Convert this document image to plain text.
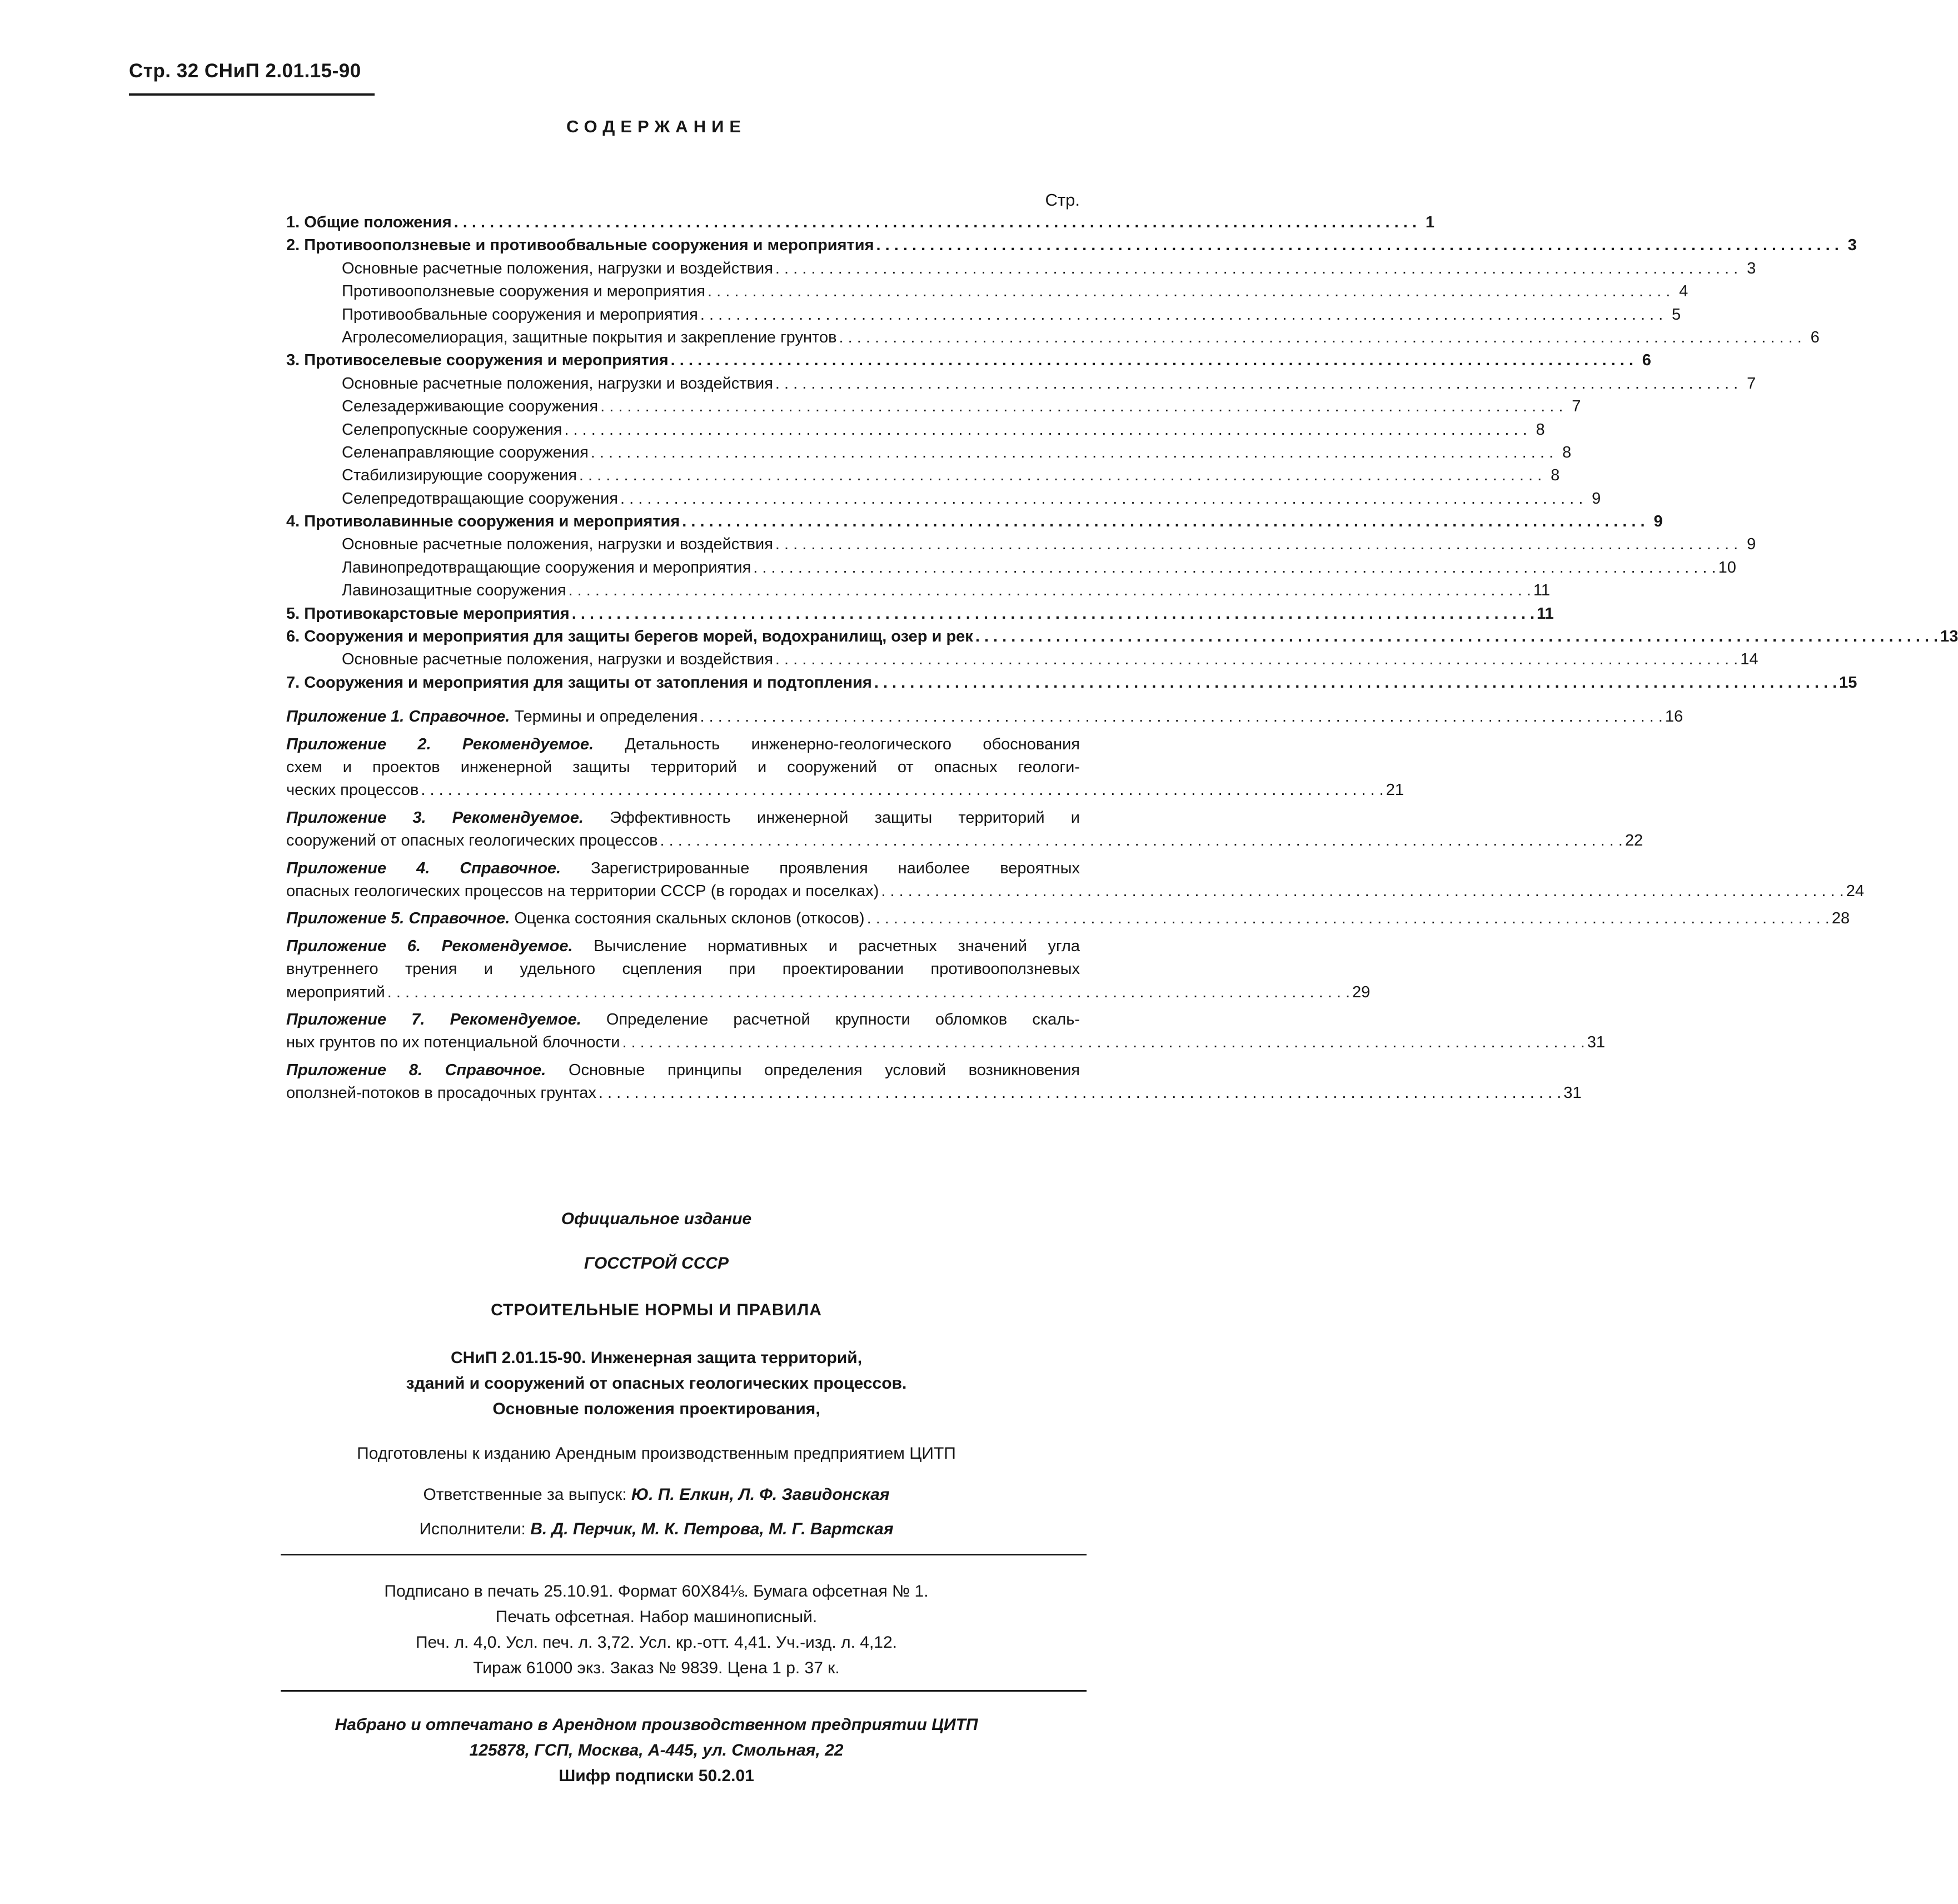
Стр. 32 СНиП 2.01.15-90
СОДЕРЖАНИЕ
Стр.
1. Общие положения . . .	1
2. Противооползневые и противообвальные сооружения и мероприятия . . .	3
Основные расчетные положения, нагрузки и воздействия . . .	3
Противооползневые сооружения и мероприятия . . .	4
Противообвальные сооружения и мероприятия . . .	5
Агролесомелиорация, защитные покрытия и закрепление грунтов . . .	6
3. Противоселевые сооружения и мероприятия . . .	6
Основные расчетные положения, нагрузки и воздействия . . .	7
Селезадерживающие сооружения . . .	7
Селепропускные сооружения . . .	8
Селенаправляющие сооружения . . .	8
Стабилизирующие сооружения . . .	8
Селепредотвращающие сооружения . . .	9
4. Противолавинные сооружения и мероприятия . . .	9
Основные расчетные положения, нагрузки и воздействия . . .	9
Лавинопредотвращающие сооружения и мероприятия . . .	10
Лавинозащитные сооружения . . .	11
5. Противокарстовые мероприятия . . .	11
6. Сооружения и мероприятия для защиты берегов морей, водохранилищ, озер и рек . . .	13
Основные расчетные положения, нагрузки и воздействия . . .	14
7. Сооружения и мероприятия для защиты от затопления и подтопления . . .	15
Приложение 1. Справочное.
Термины и определения . . .	16
Приложение 2. Рекомендуемое. Детальность инженерно-геологического обоснования
схем и проектов инженерной защиты территорий и сооружений от опасных геологи-
ческих процессов . . .	21
Приложение 3. Рекомендуемое. Эффективность инженерной защиты территорий и
сооружений от опасных геологических процессов . . .	22
Приложение 4. Справочное. Зарегистрированные проявления наиболее вероятных
опасных геологических процессов на территории СССР (в городах и поселках) . . .	24
Приложение 5. Справочное.
Оценка состояния скальных склонов (откосов) . . .	28
Приложение 6. Рекомендуемое. Вычисление нормативных и расчетных значений угла
внутреннего трения и удельного сцепления при проектировании противооползневых
мероприятий . . .	29
Приложение 7. Рекомендуемое. Определение расчетной крупности обломков скаль-
ных грунтов по их потенциальной блочности . . .	31
Приложение 8. Справочное. Основные принципы определения условий возникновения
оползней-потоков в просадочных грунтах . . .	31
Официальное издание
ГОССТРОЙ СССР
СТРОИТЕЛЬНЫЕ НОРМЫ И ПРАВИЛА
СНиП 2.01.15-90. Инженерная защита территорий,
зданий и сооружений от опасных геологических процессов.
Основные положения проектирования,
Подготовлены к изданию Арендным производственным предприятием ЦИТП
Ответственные за выпуск: Ю. П. Елкин, Л. Ф. Завидонская
Исполнители: В. Д. Перчик, М. К. Петрова, М. Г. Вартская
Подписано в печать 25.10.91. Формат 60Х84⅛. Бумага офсетная № 1.
Печать офсетная. Набор машинописный.
Печ. л. 4,0. Усл. печ. л. 3,72. Усл. кр.-отт. 4,41. Уч.-изд. л. 4,12.
Тираж 61000 экз. Заказ № 9839. Цена 1 р. 37 к.
Набрано и отпечатано в Арендном производственном предприятии ЦИТП
125878, ГСП, Москва, А-445, ул. Смольная, 22
Шифр подписки 50.2.01
